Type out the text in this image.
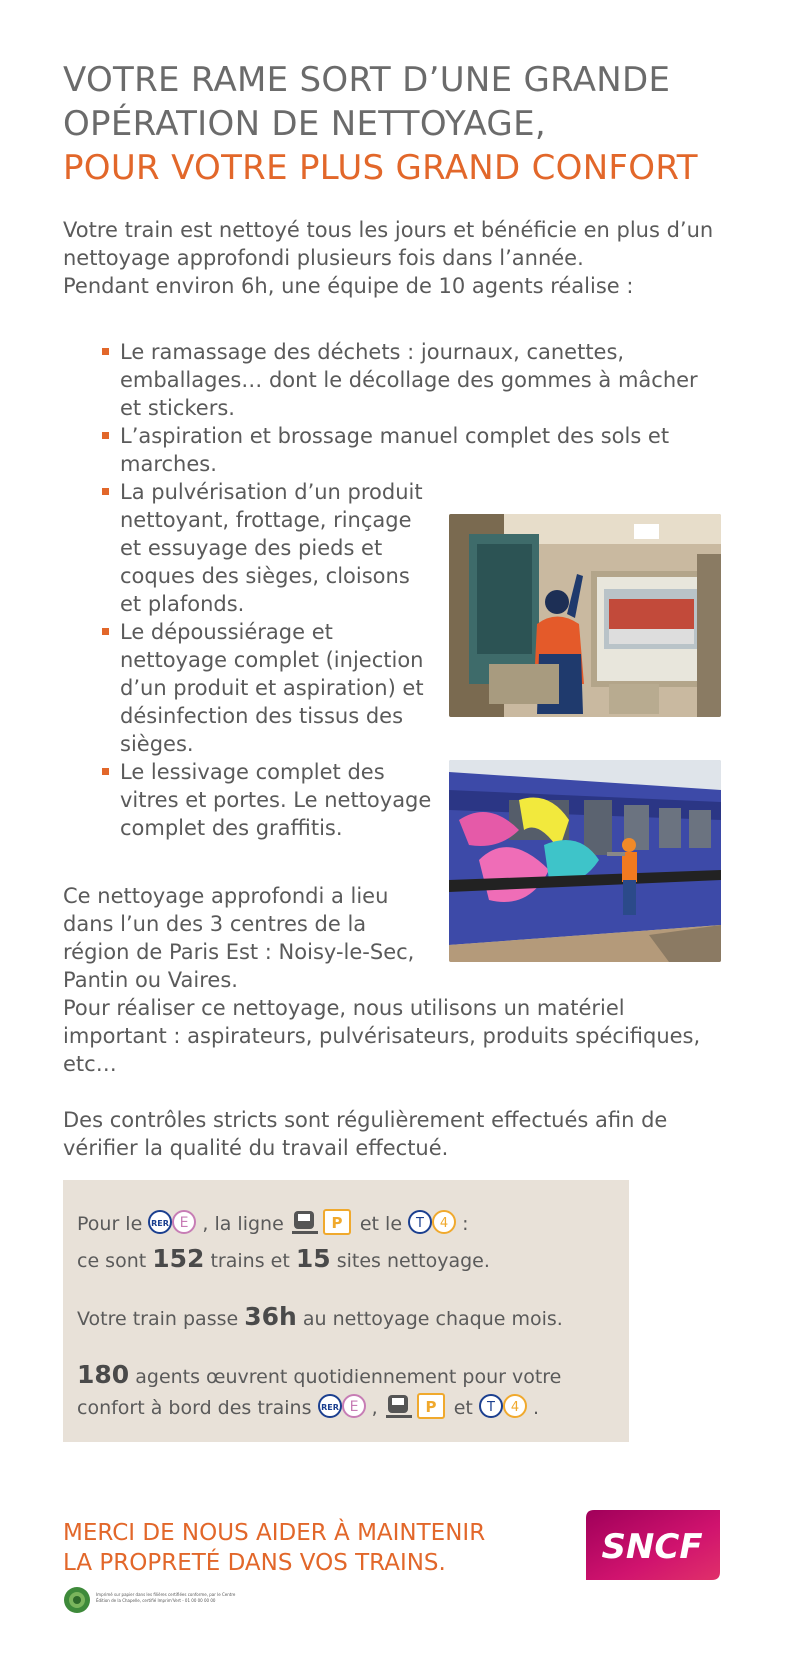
VOTRE RAME SORT D’UNE GRANDE
OPÉRATION DE NETTOYAGE,
POUR VOTRE PLUS GRAND CONFORT

Votre train est nettoyé tous les jours et bénéficie en plus d’un
nettoyage approfondi plusieurs fois dans l’année.
Pendant environ 6h, une équipe de 10 agents réalise :

Le ramassage des déchets : journaux, canettes,
emballages… dont le décollage des gommes à mâcher
et stickers.
L’aspiration et brossage manuel complet des sols et
marches.
La pulvérisation d’un produit
nettoyant, frottage, rinçage
et essuyage des pieds et
coques des sièges, cloisons
et plafonds.
Le dépoussiérage et
nettoyage complet (injection
d’un produit et aspiration) et
désinfection des tissus des
sièges.
Le lessivage complet des
vitres et portes. Le nettoyage
complet des graffitis.

Ce nettoyage approfondi a lieu
dans l’un des 3 centres de la
région de Paris Est : Noisy-le-Sec,
Pantin ou Vaires.
Pour réaliser ce nettoyage, nous utilisons un matériel
important : aspirateurs, pulvérisateurs, produits spécifiques,
etc…

Des contrôles stricts sont régulièrement effectués afin de
vérifier la qualité du travail effectué.

Pour le RER E , la ligne	P et le T 4 :
ce sont 152 trains et 15 sites nettoyage.
Votre train passe 36h au nettoyage chaque mois.
180 agents œuvrent quotidiennement pour votre
confort à bord des trains RER E ,	P et T 4 .

MERCI DE NOUS AIDER À MAINTENIR
LA PROPRETÉ DANS VOS TRAINS.	SNCF
Imprimé sur papier dans les filières certifiées conforme, par le Centre
Édition de la Chapelle, certifié Imprim'Vert - 01 00 00 00 00
